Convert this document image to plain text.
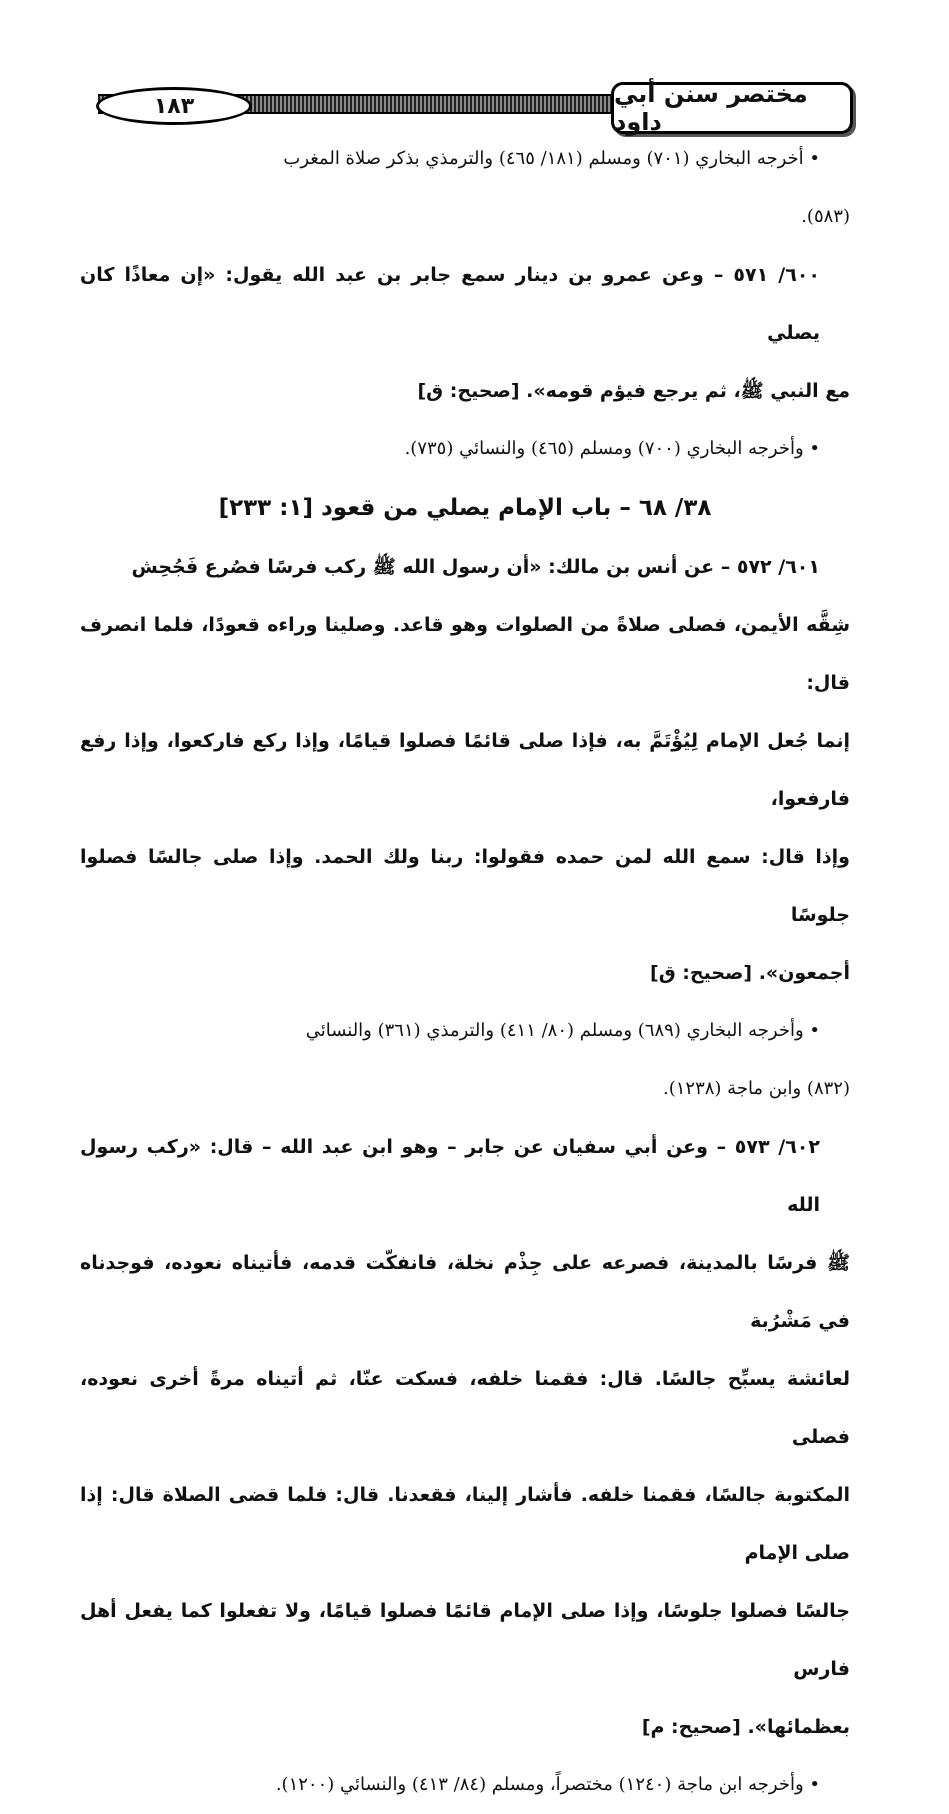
١٨٣	مختصر سنن أبي داود

• أخرجه البخاري (٧٠١) ومسلم (١٨١/ ٤٦٥) والترمذي بذكر صلاة المغرب

(٥٨٣).

٦٠٠/ ٥٧١ – وعن عمرو بن دينار سمع جابر بن عبد الله يقول: «إن معاذًا كان يصلي

مع النبي ﷺ، ثم يرجع فيؤم قومه». [صحيح: ق]

• وأخرجه البخاري (٧٠٠) ومسلم (٤٦٥) والنسائي (٧٣٥).

٣٨/ ٦٨ – باب الإمام يصلي من قعود [١: ٢٣٣]

٦٠١/ ٥٧٢ – عن أنس بن مالك: «أن رسول الله ﷺ ركب فرسًا فصُرع فَجُحِش

شِقَّه الأيمن، فصلى صلاةً من الصلوات وهو قاعد. وصلينا وراءه قعودًا، فلما انصرف قال:

إنما جُعل الإمام لِيُؤْتَمَّ به، فإذا صلى قائمًا فصلوا قيامًا، وإذا ركع فاركعوا، وإذا رفع فارفعوا،

وإذا قال: سمع الله لمن حمده فقولوا: ربنا ولك الحمد. وإذا صلى جالسًا فصلوا جلوسًا

أجمعون». [صحيح: ق]

• وأخرجه البخاري (٦٨٩) ومسلم (٨٠/ ٤١١) والترمذي (٣٦١) والنسائي

(٨٣٢) وابن ماجة (١٢٣٨).

٦٠٢/ ٥٧٣ – وعن أبي سفيان عن جابر – وهو ابن عبد الله – قال: «ركب رسول الله

ﷺ فرسًا بالمدينة، فصرعه على جِذْم نخلة، فانفكّت قدمه، فأتيناه نعوده، فوجدناه في مَشْرُبة

لعائشة يسبِّح جالسًا. قال: فقمنا خلفه، فسكت عنّا، ثم أتيناه مرةً أخرى نعوده، فصلى

المكتوبة جالسًا، فقمنا خلفه. فأشار إلينا، فقعدنا. قال: فلما قضى الصلاة قال: إذا صلى الإمام

جالسًا فصلوا جلوسًا، وإذا صلى الإمام قائمًا فصلوا قيامًا، ولا تفعلوا كما يفعل أهل فارس

بعظمائها». [صحيح: م]

• وأخرجه ابن ماجة (١٢٤٠) مختصراً، ومسلم (٨٤/ ٤١٣) والنسائي (١٢٠٠).
